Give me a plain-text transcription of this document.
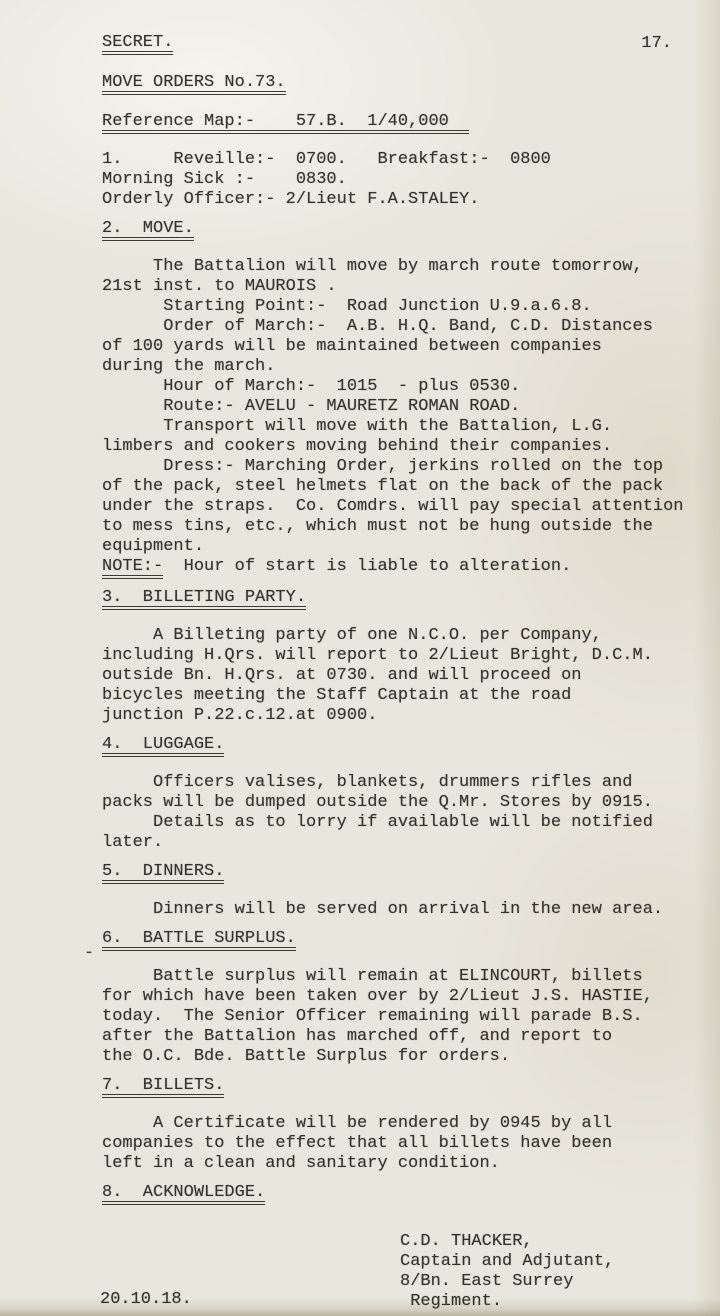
SECRET.	17.
MOVE ORDERS No.73.
Reference Map:-    57.B.  1/40,000
1.     Reveille:-  0700.   Breakfast:-  0800
Morning Sick :-    0830.
Orderly Officer:- 2/Lieut F.A.STALEY.
2.  MOVE.
The Battalion will move by march route tomorrow,
21st inst. to MAUROIS .
Starting Point:-  Road Junction U.9.a.6.8.
Order of March:-  A.B. H.Q. Band, C.D. Distances
of 100 yards will be maintained between companies
during the march.
Hour of March:-  1015  - plus 0530.
Route:- AVELU - MAURETZ ROMAN ROAD.
Transport will move with the Battalion, L.G.
limbers and cookers moving behind their companies.
Dress:- Marching Order, jerkins rolled on the top
of the pack, steel helmets flat on the back of the pack
under the straps.  Co. Comdrs. will pay special attention
to mess tins, etc., which must not be hung outside the
equipment.
NOTE:-  Hour of start is liable to alteration.
3.  BILLETING PARTY.
A Billeting party of one N.C.O. per Company,
including H.Qrs. will report to 2/Lieut Bright, D.C.M.
outside Bn. H.Qrs. at 0730. and will proceed on
bicycles meeting the Staff Captain at the road
junction P.22.c.12.at 0900.
4.  LUGGAGE.
Officers valises, blankets, drummers rifles and
packs will be dumped outside the Q.Mr. Stores by 0915.
Details as to lorry if available will be notified
later.
5.  DINNERS.
Dinners will be served on arrival in the new area.
6.  BATTLE SURPLUS.
Battle surplus will remain at ELINCOURT, billets
for which have been taken over by 2/Lieut J.S. HASTIE,
today.  The Senior Officer remaining will parade B.S.
after the Battalion has marched off, and report to
the O.C. Bde. Battle Surplus for orders.
7.  BILLETS.
A Certificate will be rendered by 0945 by all
companies to the effect that all billets have been
left in a clean and sanitary condition.
8.  ACKNOWLEDGE.
20.10.18.
C.D. THACKER,
Captain and Adjutant,
8/Bn. East Surrey
Regiment.
-
